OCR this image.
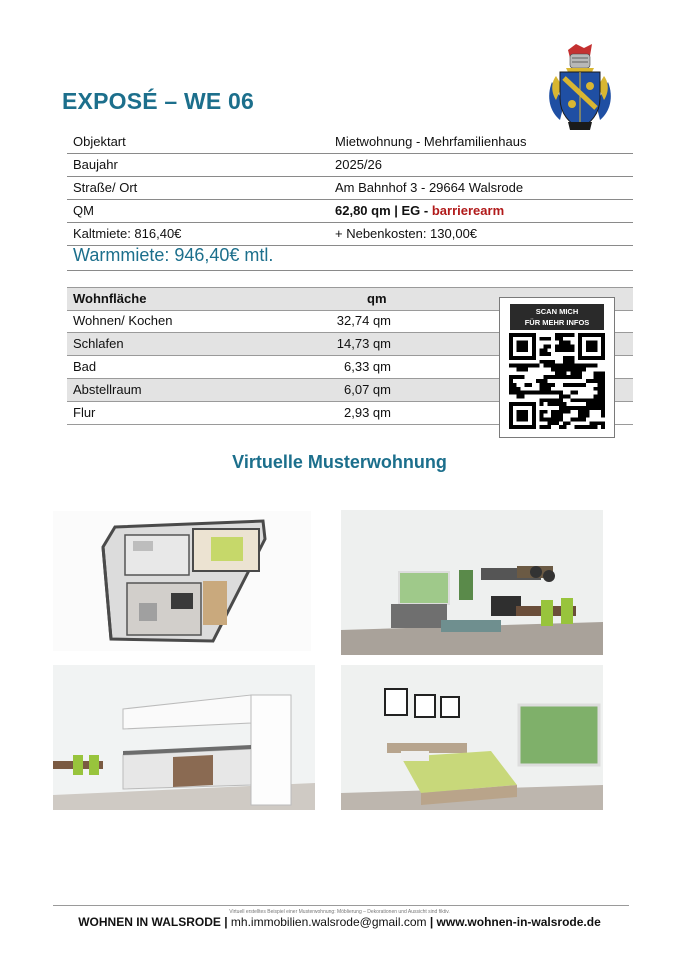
EXPOSÉ – WE 06
Objektart	Mietwohnung - Mehrfamilienhaus
Baujahr	2025/26
Straße/ Ort	Am Bahnhof 3 - 29664 Walsrode
QM	62,80 qm | EG - barrierearm
Kaltmiete: 816,40€	+ Nebenkosten: 130,00€
Warmmiete: 946,40€ mtl.
Wohnfläche	qm
Wohnen/ Kochen	32,74 qm
Schlafen	14,73 qm
Bad	6,33 qm
Abstellraum	6,07 qm
Flur	2,93 qm
SCAN MICH
FÜR MEHR INFOS
Virtuelle Musterwohnung
Virtuell erstelltes Beispiel einer Musterwohnung: Möblierung – Dekorationen und Aussicht sind fiktiv.
WOHNEN IN WALSRODE | mh.immobilien.walsrode@gmail.com | www.wohnen-in-walsrode.de
